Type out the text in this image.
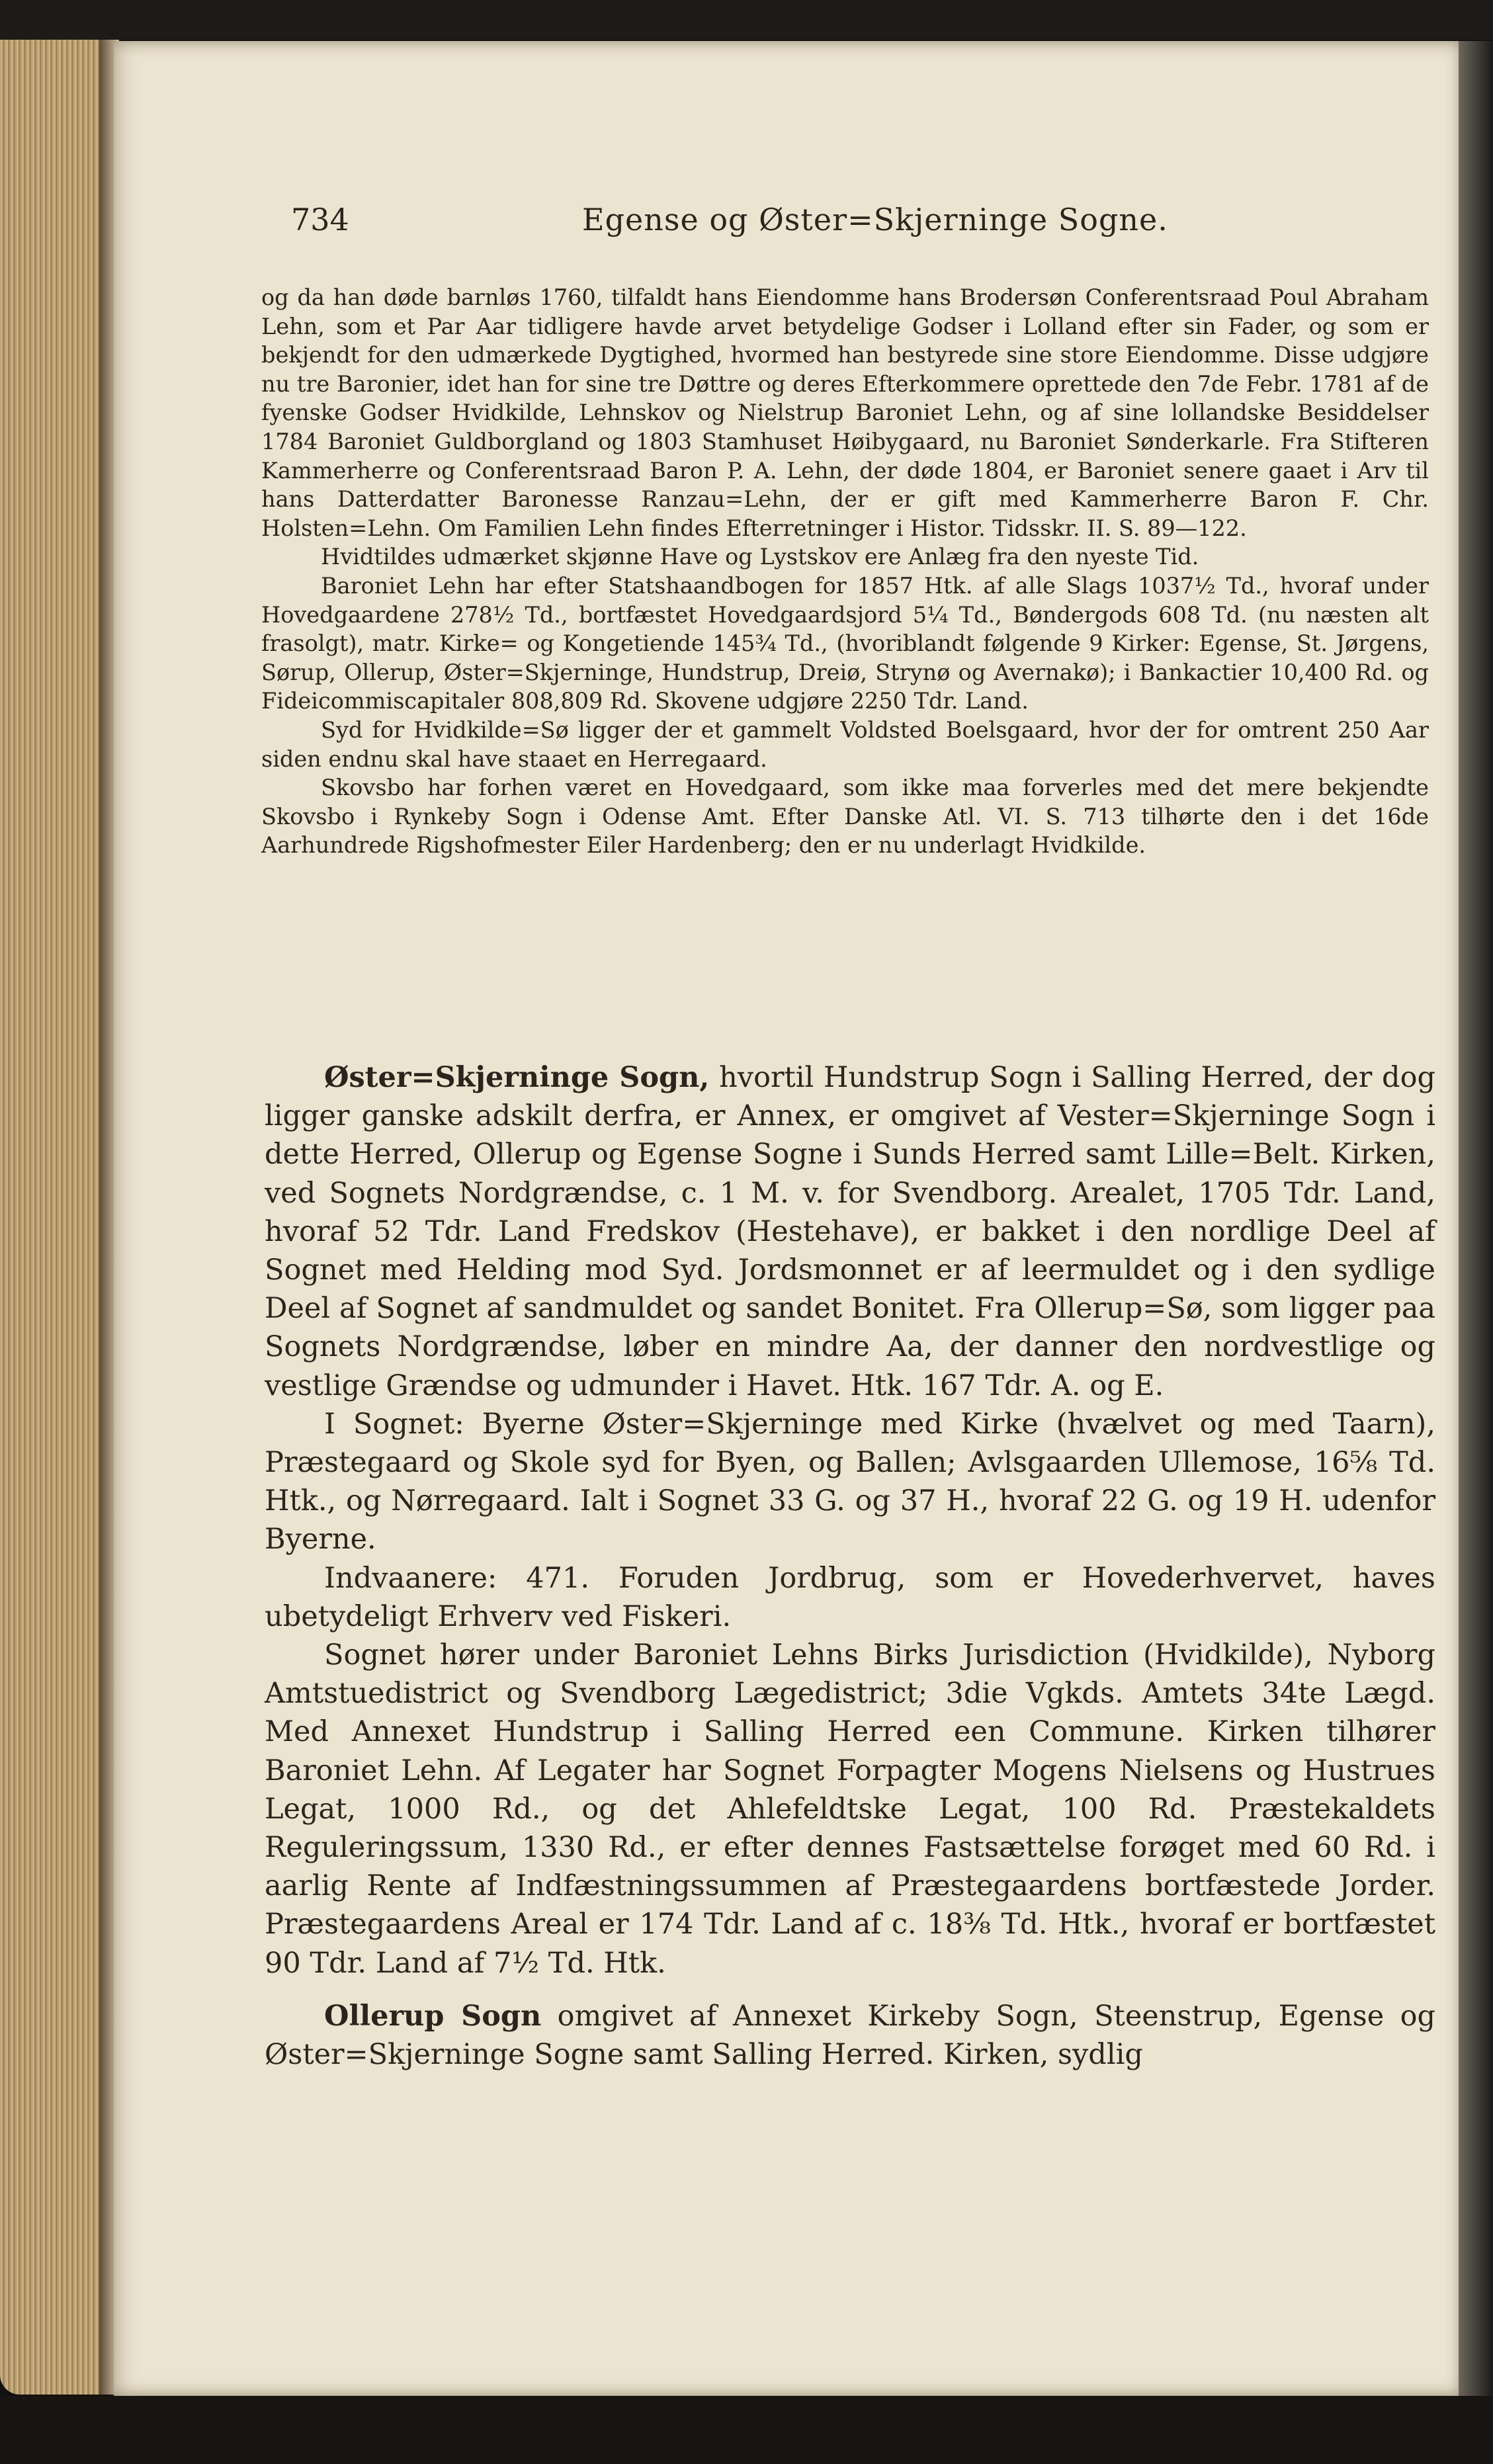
734	Egense og Øster=Skjerninge Sogne.

og da han døde barnløs 1760, tilfaldt hans Eiendomme hans Brodersøn Conferentsraad Poul Abraham Lehn, som et Par Aar tidligere havde arvet betydelige Godser i Lolland efter sin Fader, og som er bekjendt for den udmærkede Dygtighed, hvormed han bestyrede sine store Eiendomme. Disse udgjøre nu tre Baronier, idet han for sine tre Døttre og deres Efterkommere oprettede den 7de Febr. 1781 af de fyenske Godser Hvidkilde, Lehnskov og Nielstrup Baroniet Lehn, og af sine lollandske Besiddelser 1784 Baroniet Guldborgland og 1803 Stamhuset Høibygaard, nu Baroniet Sønderkarle. Fra Stifteren Kammerherre og Conferentsraad Baron P. A. Lehn, der døde 1804, er Baroniet senere gaaet i Arv til hans Datterdatter Baronesse Ranzau=Lehn, der er gift med Kammerherre Baron F. Chr. Holsten=Lehn. Om Familien Lehn findes Efterretninger i Histor. Tidsskr. II. S. 89—122.

Hvidtildes udmærket skjønne Have og Lystskov ere Anlæg fra den nyeste Tid.

Baroniet Lehn har efter Statshaandbogen for 1857 Htk. af alle Slags 1037½ Td., hvoraf under Hovedgaardene 278½ Td., bortfæstet Hovedgaardsjord 5¼ Td., Bøndergods 608 Td. (nu næsten alt frasolgt), matr. Kirke= og Kongetiende 145¾ Td., (hvoriblandt følgende 9 Kirker: Egense, St. Jørgens, Sørup, Ollerup, Øster=Skjerninge, Hundstrup, Dreiø, Strynø og Avernakø); i Bankactier 10,400 Rd. og Fideicommiscapitaler 808,809 Rd. Skovene udgjøre 2250 Tdr. Land.

Syd for Hvidkilde=Sø ligger der et gammelt Voldsted Boelsgaard, hvor der for omtrent 250 Aar siden endnu skal have staaet en Herregaard.

Skovsbo har forhen været en Hovedgaard, som ikke maa forverles med det mere bekjendte Skovsbo i Rynkeby Sogn i Odense Amt. Efter Danske Atl. VI. S. 713 tilhørte den i det 16de Aarhundrede Rigshofmester Eiler Hardenberg; den er nu underlagt Hvidkilde.

Øster=Skjerninge Sogn, hvortil Hundstrup Sogn i Salling Herred, der dog ligger ganske adskilt derfra, er Annex, er omgivet af Vester=Skjerninge Sogn i dette Herred, Ollerup og Egense Sogne i Sunds Herred samt Lille=Belt. Kirken, ved Sognets Nordgrændse, c. 1 M. v. for Svendborg. Arealet, 1705 Tdr. Land, hvoraf 52 Tdr. Land Fredskov (Hestehave), er bakket i den nordlige Deel af Sognet med Helding mod Syd. Jordsmonnet er af leermuldet og i den sydlige Deel af Sognet af sandmuldet og sandet Bonitet. Fra Ollerup=Sø, som ligger paa Sognets Nordgrændse, løber en mindre Aa, der danner den nordvestlige og vestlige Grændse og udmunder i Havet. Htk. 167 Tdr. A. og E.

I Sognet: Byerne Øster=Skjerninge med Kirke (hvælvet og med Taarn), Præstegaard og Skole syd for Byen, og Ballen; Avlsgaarden Ullemose, 16⅝ Td. Htk., og Nørregaard. Ialt i Sognet 33 G. og 37 H., hvoraf 22 G. og 19 H. udenfor Byerne.

Indvaanere: 471. Foruden Jordbrug, som er Hovederhvervet, haves ubetydeligt Erhverv ved Fiskeri.

Sognet hører under Baroniet Lehns Birks Jurisdiction (Hvidkilde), Nyborg Amtstuedistrict og Svendborg Lægedistrict; 3die Vgkds. Amtets 34te Lægd. Med Annexet Hundstrup i Salling Herred een Commune. Kirken tilhører Baroniet Lehn. Af Legater har Sognet Forpagter Mogens Nielsens og Hustrues Legat, 1000 Rd., og det Ahlefeldtske Legat, 100 Rd. Præstekaldets Reguleringssum, 1330 Rd., er efter dennes Fastsættelse forøget med 60 Rd. i aarlig Rente af Indfæstningssummen af Præstegaardens bortfæstede Jorder. Præstegaardens Areal er 174 Tdr. Land af c. 18⅜ Td. Htk., hvoraf er bortfæstet 90 Tdr. Land af 7½ Td. Htk.

Ollerup Sogn omgivet af Annexet Kirkeby Sogn, Steenstrup, Egense og Øster=Skjerninge Sogne samt Salling Herred. Kirken, sydlig
